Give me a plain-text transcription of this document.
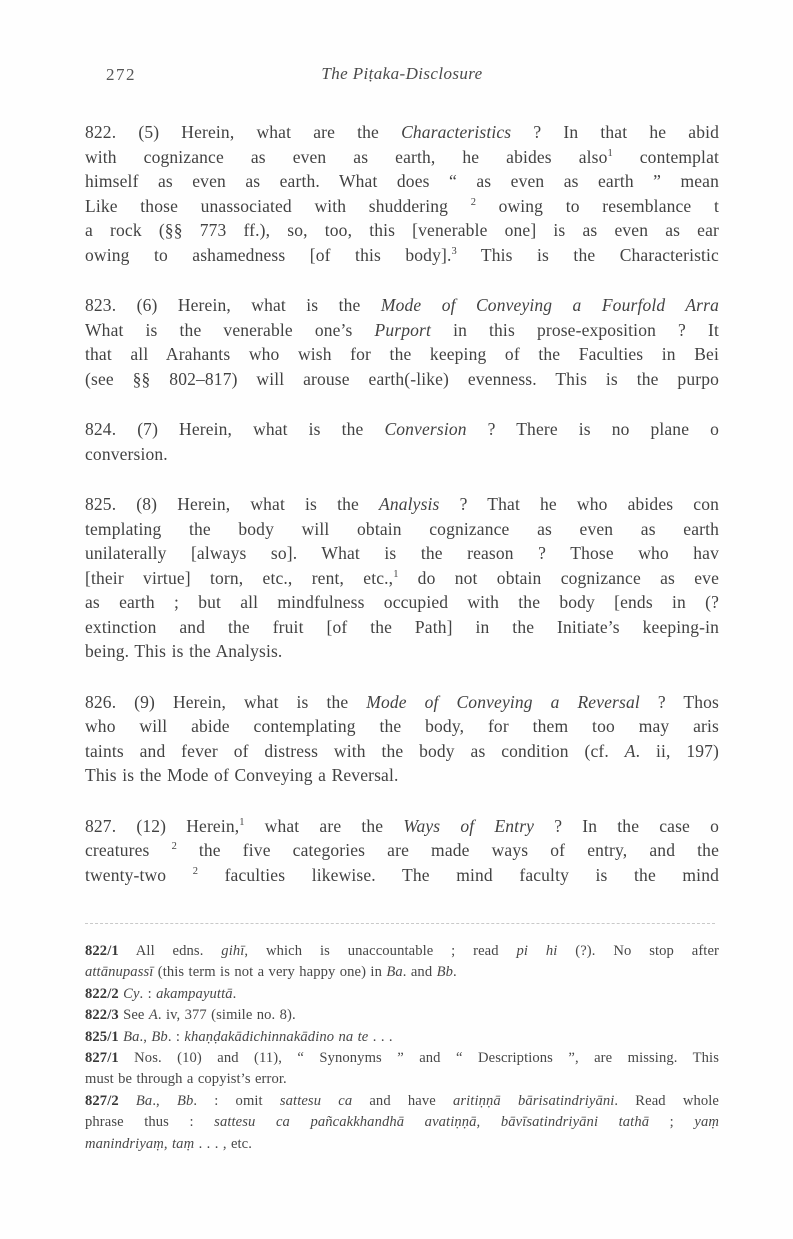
272	The Piṭaka-Disclosure
822. (5) Herein, what are the Characteristics ? In that he abid
with cognizance as even as earth, he abides also$^1$ contemplat
himself as even as earth. What does “ as even as earth ” mean
Like those unassociated with shuddering $^2$ owing to resemblance t
a rock (§§ 773 ff.), so, too, this [venerable one] is as even as ear
owing to ashamedness [of this body].$^3$ This is the Characteristic
823. (6) Herein, what is the Mode of Conveying a Fourfold Arra
What is the venerable one’s Purport in this prose-exposition ? It
that all Arahants who wish for the keeping of the Faculties in Bei
(see §§ 802–817) will arouse earth(-like) evenness. This is the purpo
824. (7) Herein, what is the Conversion ? There is no plane o
conversion.
825. (8) Herein, what is the Analysis ? That he who abides con
templating the body will obtain cognizance as even as earth
unilaterally [always so]. What is the reason ? Those who hav
[their virtue] torn, etc., rent, etc.,$^1$ do not obtain cognizance as eve
as earth ; but all mindfulness occupied with the body [ends in (?
extinction and the fruit [of the Path] in the Initiate’s keeping-in
being. This is the Analysis.
826. (9) Herein, what is the Mode of Conveying a Reversal ? Thos
who will abide contemplating the body, for them too may aris
taints and fever of distress with the body as condition (cf. A. ii, 197)
This is the Mode of Conveying a Reversal.
827. (12) Herein,$^1$ what are the Ways of Entry ? In the case o
creatures $^2$ the five categories are made ways of entry, and the
twenty-two $^2$ faculties likewise. The mind faculty is the mind
822/1 All edns. gihī, which is unaccountable ; read pi hi (?). No stop after
attānupassī (this term is not a very happy one) in Ba. and Bb.
822/2 Cy. : akampayuttā.
822/3 See A. iv, 377 (simile no. 8).
825/1 Ba., Bb. : khaṇḍakādichinnakādino na te . . .
827/1 Nos. (10) and (11), “ Synonyms ” and “ Descriptions ”, are missing. This
must be through a copyist’s error.
827/2 Ba., Bb. : omit sattesu ca and have aritiṇṇā bārisatindriyāni. Read whole
phrase thus : sattesu ca pañcakkhandhā avatiṇṇā, bāvīsatindriyāni tathā ; yaṃ
manindriyaṃ, taṃ . . . , etc.
